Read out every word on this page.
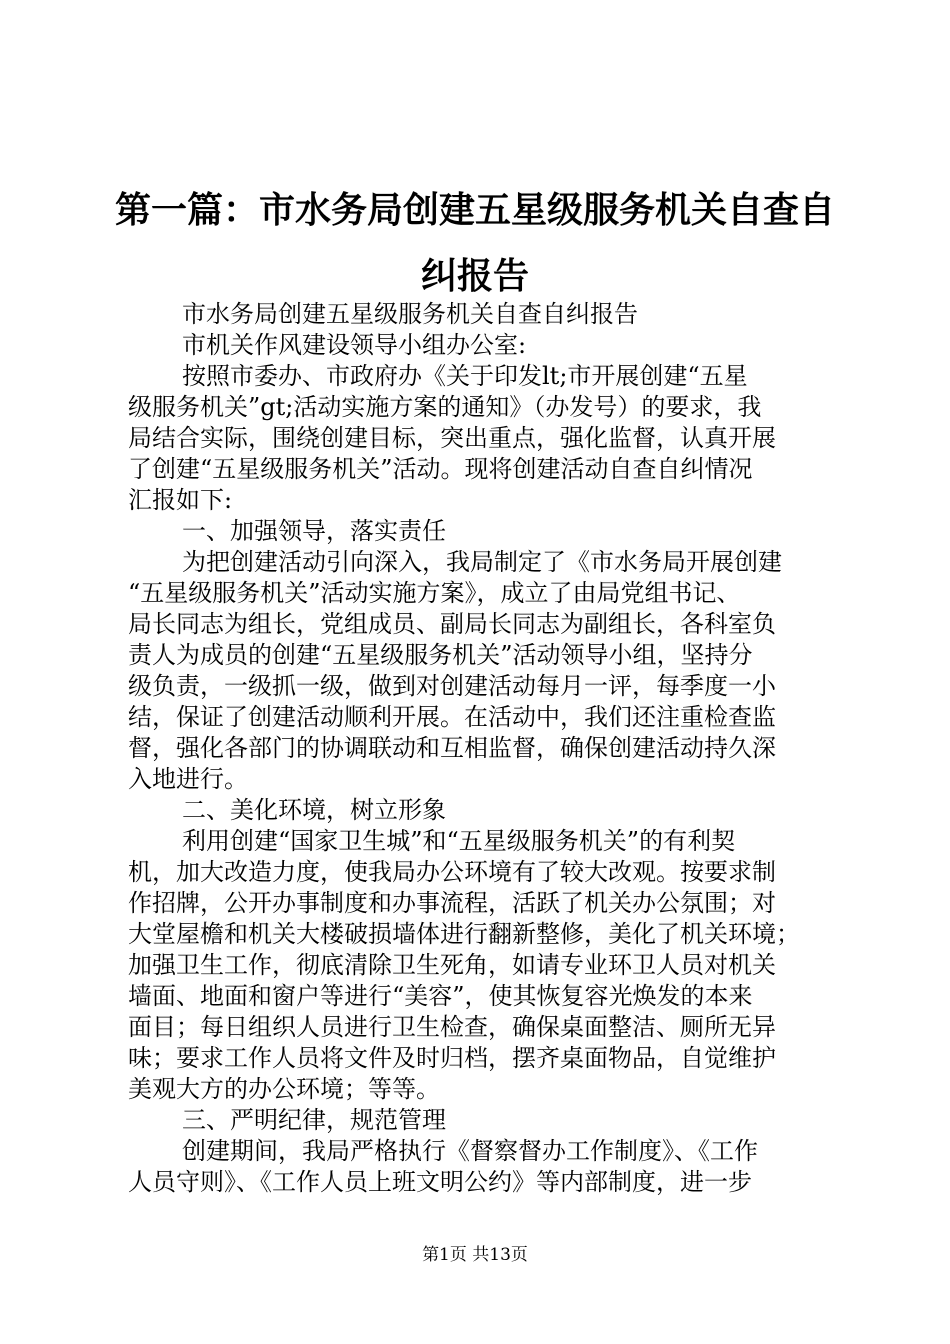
第一篇：市水务局创建五星级服务机关自查自
纠报告
市水务局创建五星级服务机关自查自纠报告
市机关作风建设领导小组办公室:
按照市委办、市政府办《关于印发lt;市开展创建“五星
级服务机关”gt;活动实施方案的通知》（办发号）的要求，我
局结合实际，围绕创建目标，突出重点，强化监督，认真开展
了创建“五星级服务机关”活动。现将创建活动自查自纠情况
汇报如下:
一、加强领导，落实责任
为把创建活动引向深入，我局制定了《市水务局开展创建
“五星级服务机关”活动实施方案》，成立了由局党组书记、
局长同志为组长，党组成员、副局长同志为副组长，各科室负
责人为成员的创建“五星级服务机关”活动领导小组，坚持分
级负责，一级抓一级，做到对创建活动每月一评，每季度一小
结，保证了创建活动顺利开展。在活动中，我们还注重检查监
督，强化各部门的协调联动和互相监督，确保创建活动持久深
入地进行。
二、美化环境，树立形象
利用创建“国家卫生城”和“五星级服务机关”的有利契
机，加大改造力度，使我局办公环境有了较大改观。按要求制
作招牌，公开办事制度和办事流程，活跃了机关办公氛围；对
大堂屋檐和机关大楼破损墙体进行翻新整修，美化了机关环境；
加强卫生工作，彻底清除卫生死角，如请专业环卫人员对机关
墙面、地面和窗户等进行“美容”，使其恢复容光焕发的本来
面目；每日组织人员进行卫生检查，确保桌面整洁、厕所无异
味；要求工作人员将文件及时归档，摆齐桌面物品，自觉维护
美观大方的办公环境；等等。
三、严明纪律，规范管理
创建期间，我局严格执行《督察督办工作制度》、《工作
人员守则》、《工作人员上班文明公约》等内部制度，进一步
第1页 共13页
